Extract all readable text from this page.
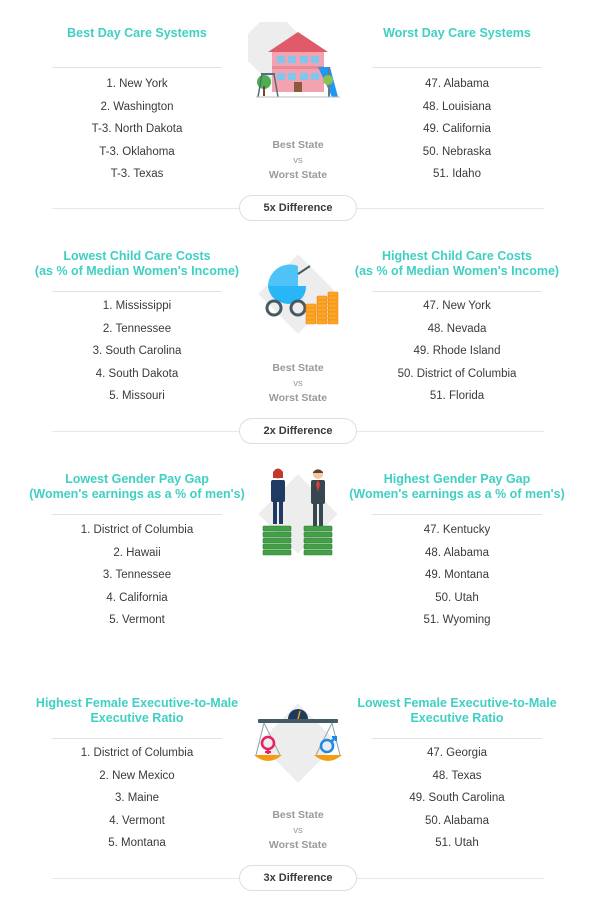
Best Day Care Systems
1. New York
2. Washington
T-3. North Dakota
T-3. Oklahoma
T-3. Texas
Worst Day Care Systems
47. Alabama
48. Louisiana
49. California
50. Nebraska
51. Idaho
Best State
vs
Worst State
5x Difference
Lowest Child Care Costs
(as % of Median Women's Income)
1. Mississippi
2. Tennessee
3. South Carolina
4. South Dakota
5. Missouri
Highest Child Care Costs
(as % of Median Women's Income)
47. New York
48. Nevada
49. Rhode Island
50. District of Columbia
51. Florida
Best State
vs
Worst State
2x Difference
Lowest Gender Pay Gap
(Women's earnings as a % of men's)
1. District of Columbia
2. Hawaii
3. Tennessee
4. California
5. Vermont
Highest Gender Pay Gap
(Women's earnings as a % of men's)
47. Kentucky
48. Alabama
49. Montana
50. Utah
51. Wyoming
Highest Female Executive-to-Male
Executive Ratio
1. District of Columbia
2. New Mexico
3. Maine
4. Vermont
5. Montana
Lowest Female Executive-to-Male
Executive Ratio
47. Georgia
48. Texas
49. South Carolina
50. Alabama
51. Utah
Best State
vs
Worst State
3x Difference
